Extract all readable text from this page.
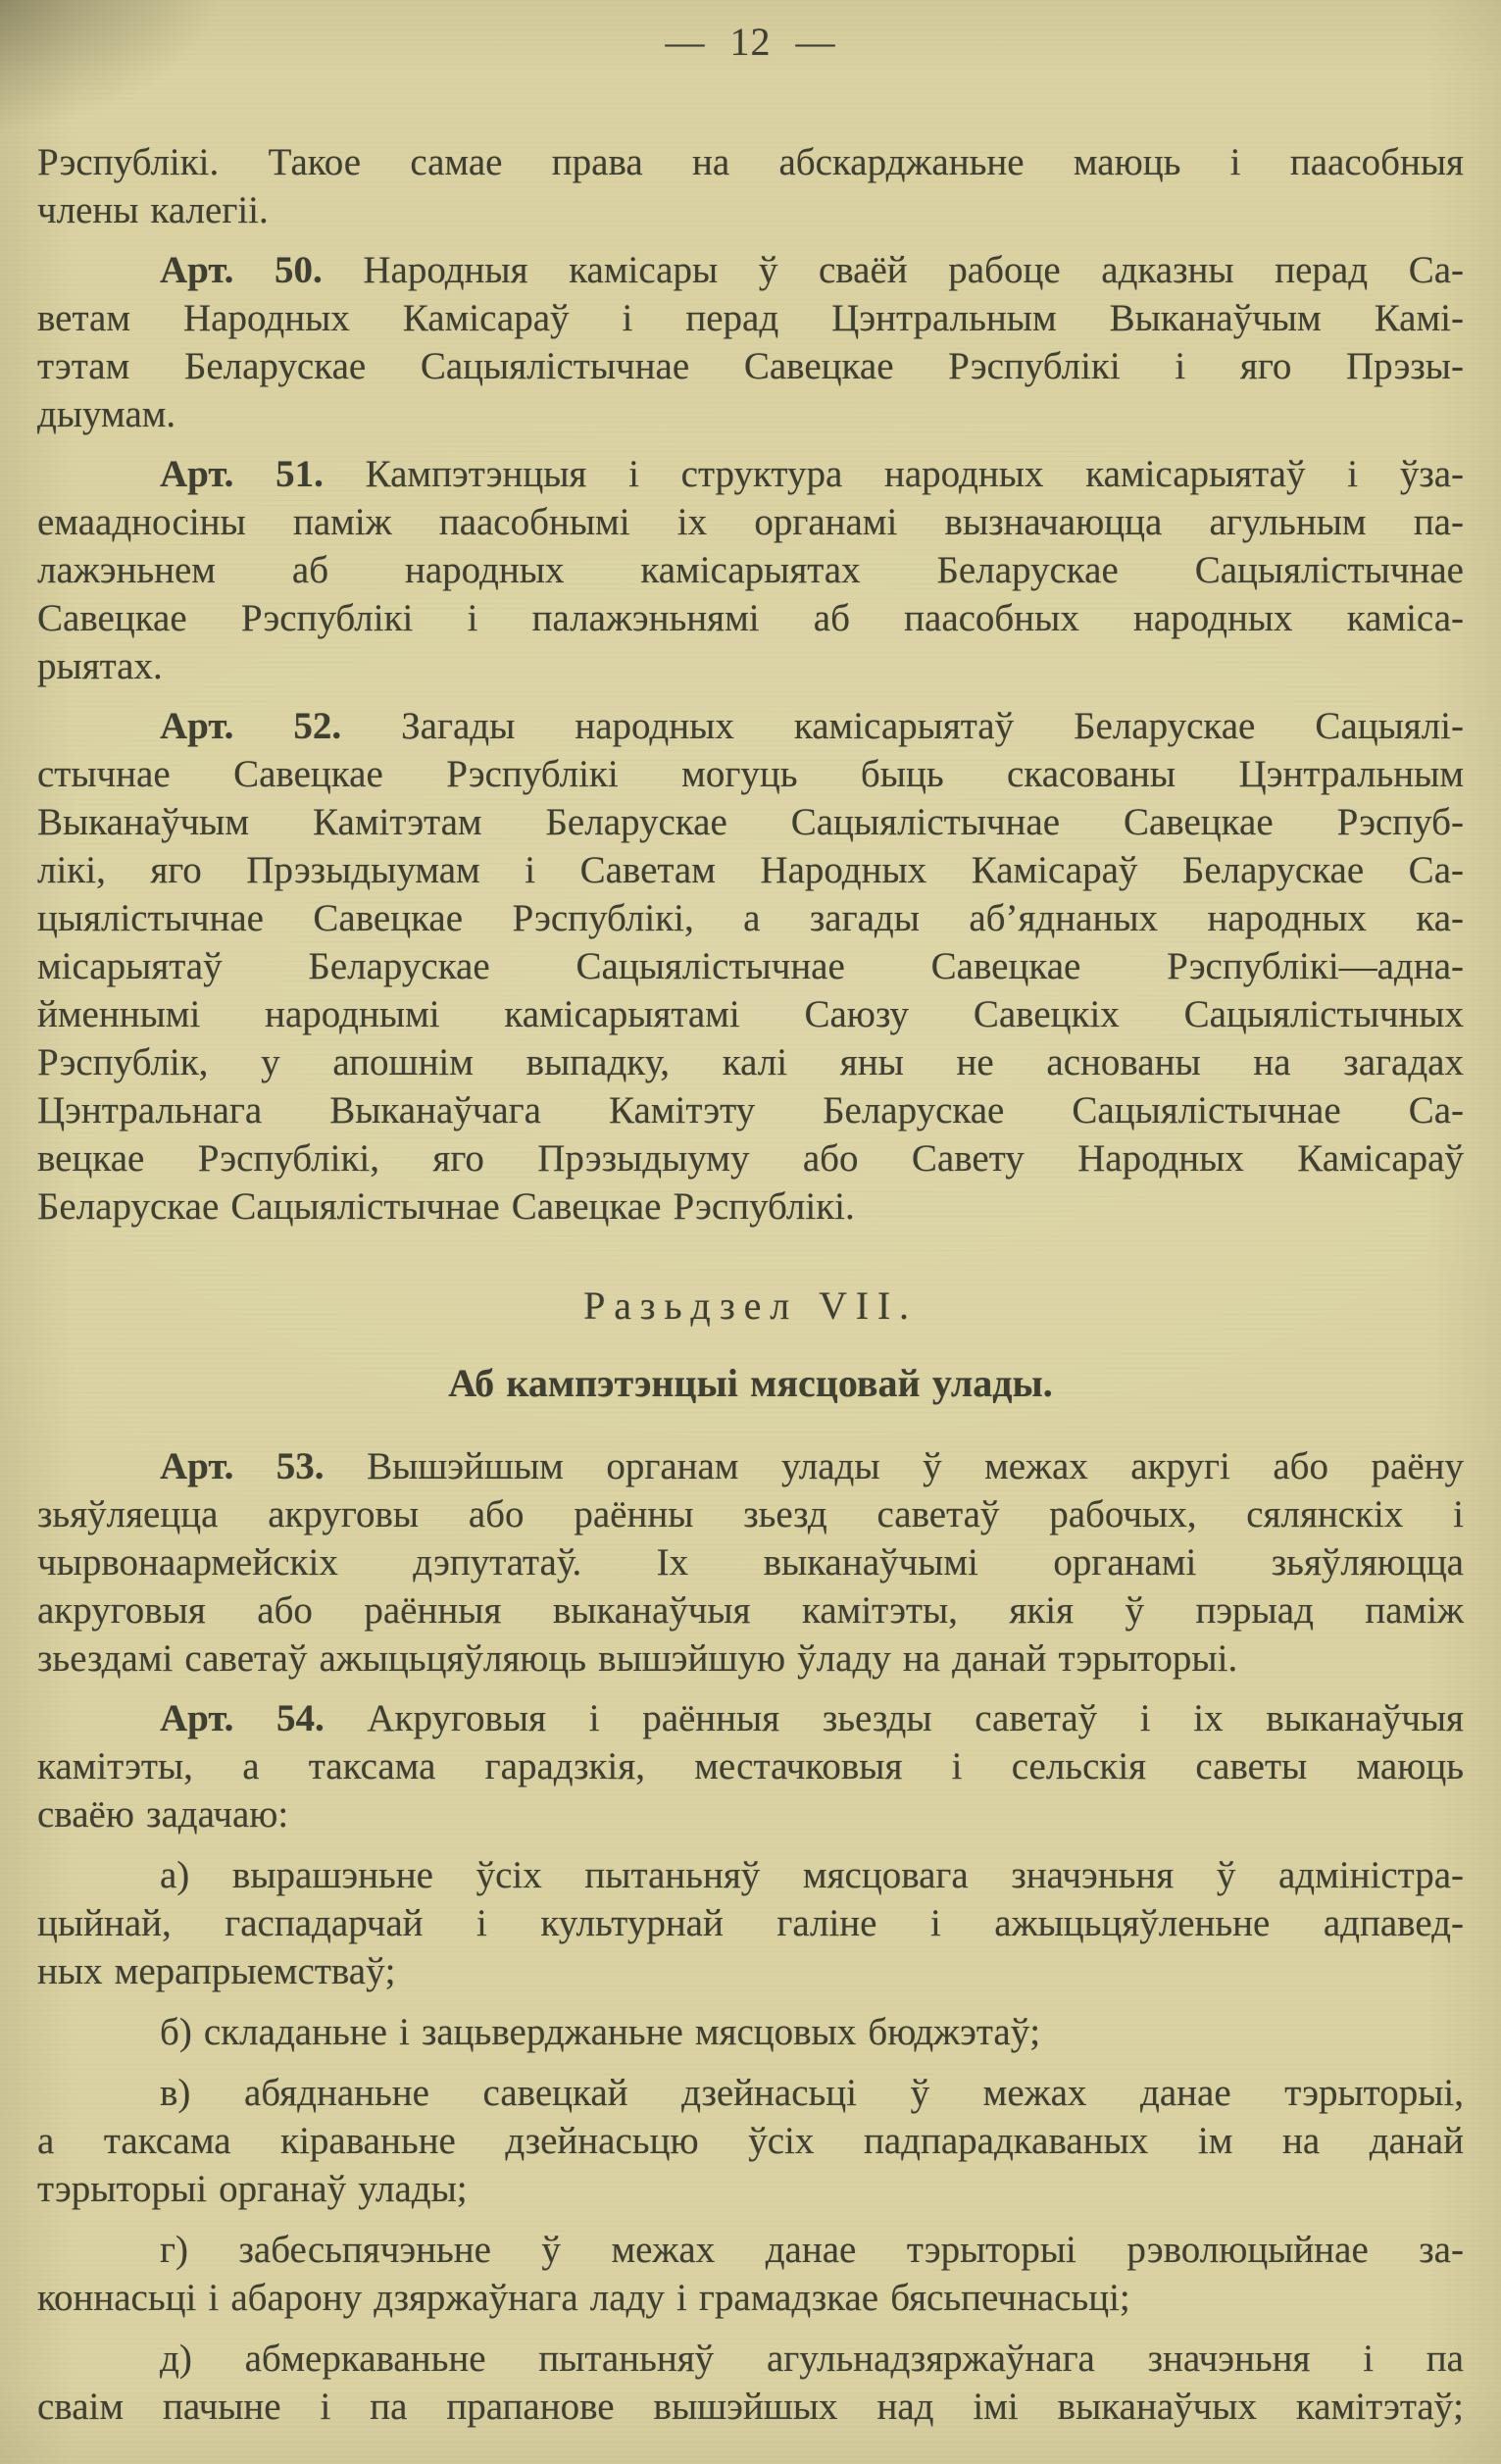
— 12 —
Рэспублікі. Такое самае права на абскарджаньне маюць і паасобныя
члены калегіі.
Арт. 50. Народныя камісары ў сваёй рабоце адказны перад Са-
ветам Народных Камісараў і перад Цэнтральным Выканаўчым Камі-
тэтам Беларускае Сацыялістычнае Савецкае Рэспублікі і яго Прэзы-
дыумам.
Арт. 51. Кампэтэнцыя і структура народных камісарыятаў і ўза-
емаадносіны паміж паасобнымі іх органамі вызначаюцца агульным па-
лажэньнем аб народных камісарыятах Беларускае Сацыялістычнае
Савецкае Рэспублікі і палажэньнямі аб паасобных народных каміса-
рыятах.
Арт. 52. Загады народных камісарыятаў Беларускае Сацыялі-
стычнае Савецкае Рэспублікі могуць быць скасованы Цэнтральным
Выканаўчым Камітэтам Беларускае Сацыялістычнае Савецкае Рэспуб-
лікі, яго Прэзыдыумам і Саветам Народных Камісараў Беларускае Са-
цыялістычнае Савецкае Рэспублікі, а загады аб’яднаных народных ка-
місарыятаў Беларускае Сацыялістычнае Савецкае Рэспублікі—адна-
йменнымі народнымі камісарыятамі Саюзу Савецкіх Сацыялістычных
Рэспублік, у апошнім выпадку, калі яны не аснованы на загадах
Цэнтральнага Выканаўчага Камітэту Беларускае Сацыялістычнае Са-
вецкае Рэспублікі, яго Прэзыдыуму або Савету Народных Камісараў
Беларускае Сацыялістычнае Савецкае Рэспублікі.
Разьдзел VII.
Аб кампэтэнцыі мясцовай улады.
Арт. 53. Вышэйшым органам улады ў межах акругі або раёну
зьяўляецца акруговы або раённы зьезд саветаў рабочых, сялянскіх і
чырвонаармейскіх дэпутатаў. Іх выканаўчымі органамі зьяўляюцца
акруговыя або раённыя выканаўчыя камітэты, якія ў пэрыад паміж
зьездамі саветаў ажыцьцяўляюць вышэйшую ўладу на данай тэрыторыі.
Арт. 54. Акруговыя і раённыя зьезды саветаў і іх выканаўчыя
камітэты, а таксама гарадзкія, местачковыя і сельскія саветы маюць
сваёю задачаю:
а) вырашэньне ўсіх пытаньняў мясцовага значэньня ў адміністра-
цыйнай, гаспадарчай і культурнай галіне і ажыцьцяўленьне адпавед-
ных мерапрыемстваў;
б) складаньне і зацьверджаньне мясцовых бюджэтаў;
в) абяднаньне савецкай дзейнасьці ў межах данае тэрыторыі,
а таксама кіраваньне дзейнасьцю ўсіх падпарадкаваных ім на данай
тэрыторыі органаў улады;
г) забесьпячэньне ў межах данае тэрыторыі рэволюцыйнае за-
коннасьці і абарону дзяржаўнага ладу і грамадзкае бясьпечнасьці;
д) абмеркаваньне пытаньняў агульнадзяржаўнага значэньня і па
сваім пачыне і па прапанове вышэйшых над імі выканаўчых камітэтаў;
